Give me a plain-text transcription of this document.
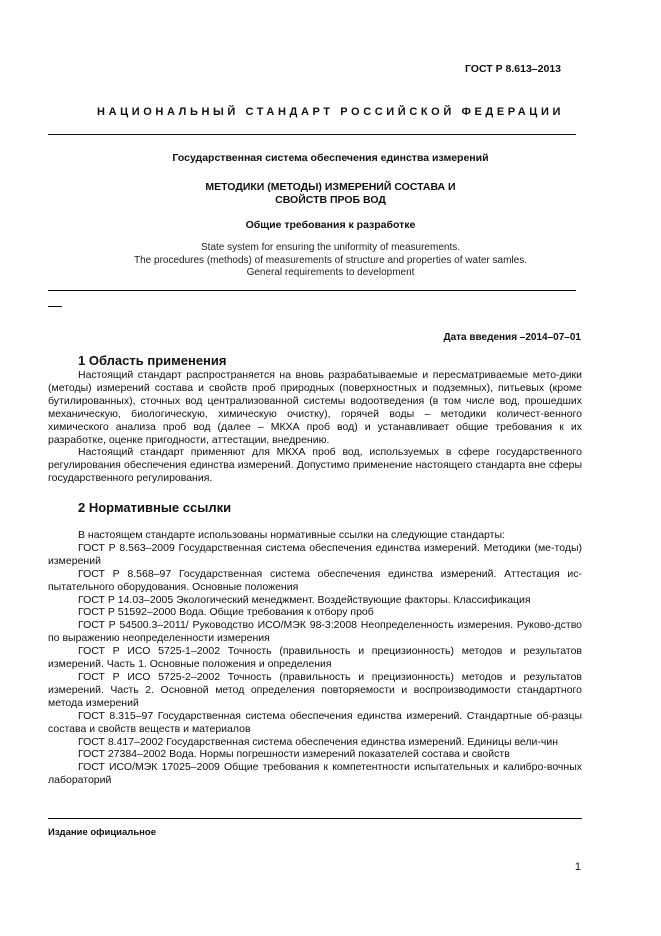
ГОСТ Р 8.613–2013
НАЦИОНАЛЬНЫЙ СТАНДАРТ РОССИЙСКОЙ ФЕДЕРАЦИИ
Государственная система обеспечения единства измерений
МЕТОДИКИ (МЕТОДЫ) ИЗМЕРЕНИЙ СОСТАВА И
СВОЙСТВ ПРОБ ВОД
Общие требования к разработке
State system for ensuring the uniformity of measurements.
The procedures (methods) of measurements of structure and properties of water samles.
General requirements to development
Дата введения –2014–07–01
1 Область применения

Настоящий стандарт распространяется на вновь разрабатываемые и пересматриваемые мето-дики (методы) измерений состава и свойств проб природных (поверхностных и подземных), питьевых (кроме бутилированных), сточных вод централизованной системы водоотведения (в том числе вод, прошедших механическую, биологическую, химическую очистку), горячей воды – методики количест-венного химического анализа проб вод (далее – МКХА проб вод) и устанавливает общие требования к их разработке, оценке пригодности, аттестации, внедрению.

Настоящий стандарт применяют для МКХА проб вод, используемых в сфере государственного регулирования обеспечения единства измерений. Допустимо применение настоящего стандарта вне сферы государственного регулирования.

2 Нормативные ссылки

В настоящем стандарте использованы нормативные ссылки на следующие стандарты:

ГОСТ Р 8.563–2009 Государственная система обеспечения единства измерений. Методики (ме-тоды) измерений

ГОСТ Р 8.568–97 Государственная система обеспечения единства измерений. Аттестация ис-пытательного оборудования. Основные положения

ГОСТ Р 14.03–2005 Экологический менеджмент. Воздействующие факторы. Классификация

ГОСТ Р 51592–2000 Вода. Общие требования к отбору проб

ГОСТ Р 54500.3–2011/ Руководство ИСО/МЭК 98-3:2008 Неопределенность измерения. Руково-дство по выражению неопределенности измерения

ГОСТ Р ИСО 5725-1–2002 Точность (правильность и прецизионность) методов и результатов измерений. Часть 1. Основные положения и определения

ГОСТ Р ИСО 5725-2–2002 Точность (правильность и прецизионность) методов и результатов измерений. Часть 2. Основной метод определения повторяемости и воспроизводимости стандартного метода измерений

ГОСТ 8.315–97 Государственная система обеспечения единства измерений. Стандартные об-разцы состава и свойств веществ и материалов

ГОСТ 8.417–2002 Государственная система обеспечения единства измерений. Единицы вели-чин

ГОСТ 27384–2002 Вода. Нормы погрешности измерений показателей состава и свойств

ГОСТ ИСО/МЭК 17025–2009 Общие требования к компетентности испытательных и калибро-вочных лабораторий

Издание официальное
1
